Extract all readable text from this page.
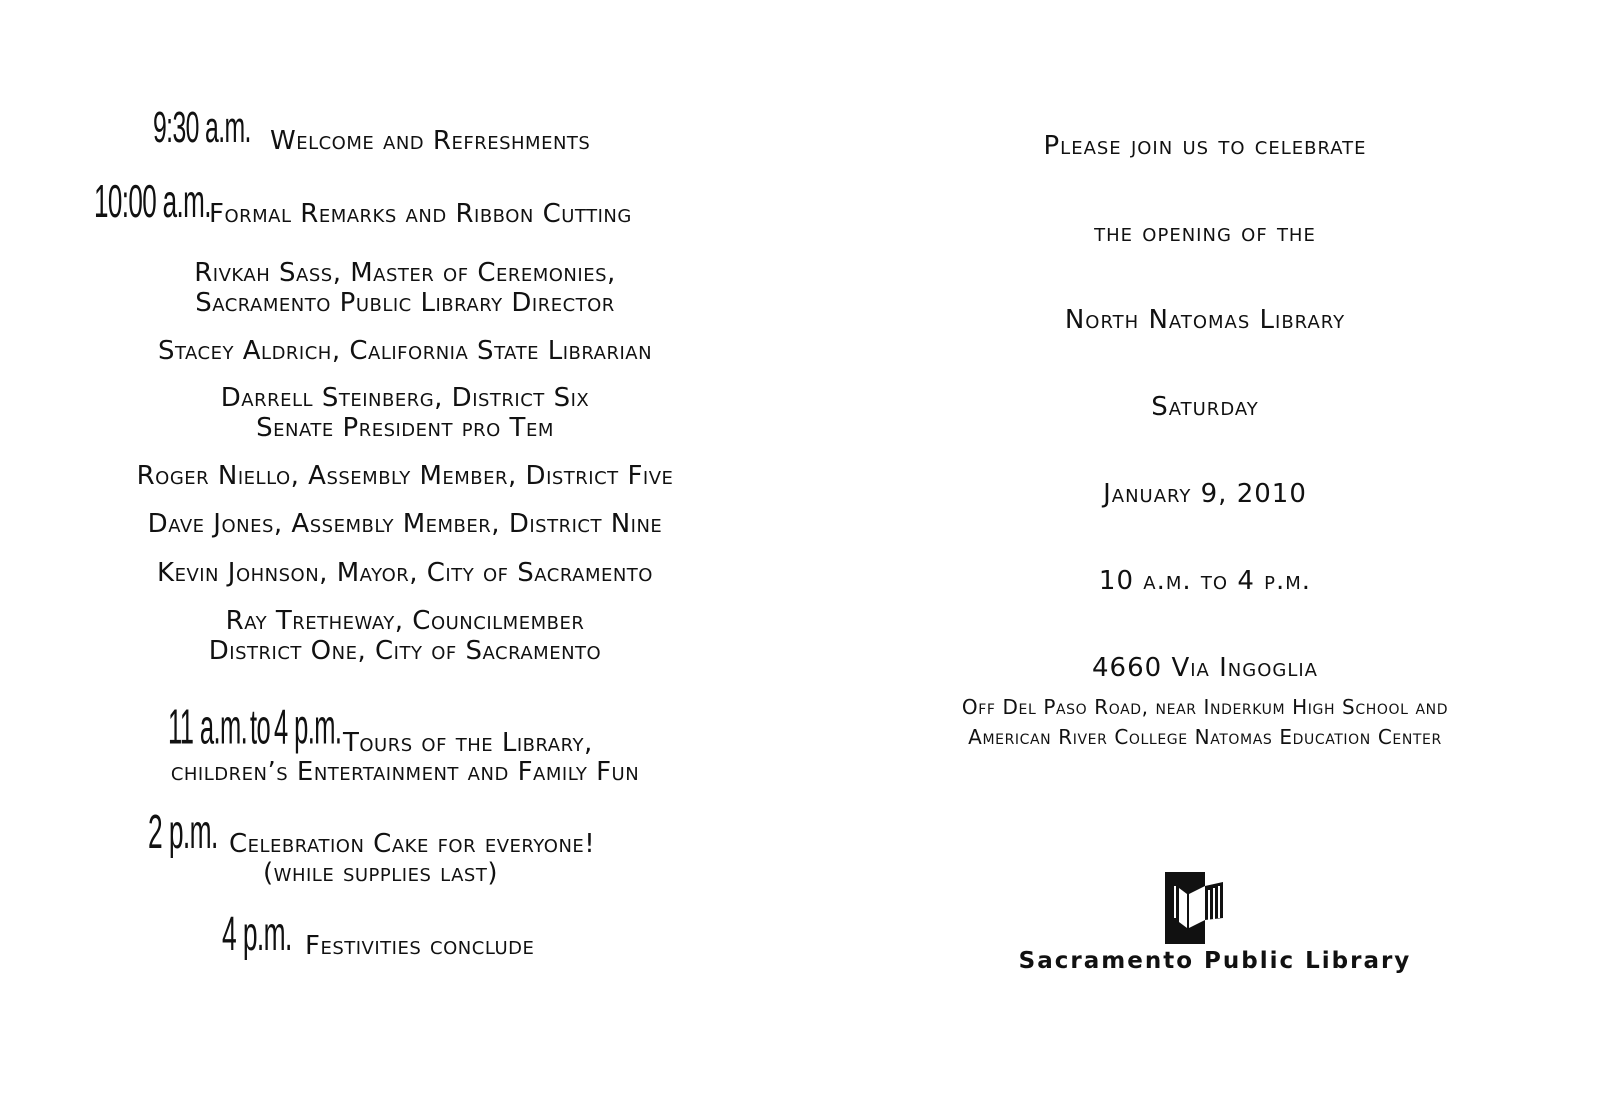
9:30 a.m. Welcome and Refreshments
10:00 a.m.
Formal Remarks and Ribbon Cutting
Rivkah Sass, Master of Ceremonies,
Sacramento Public Library Director
Stacey Aldrich, California State Librarian
Darrell Steinberg, District Six
Senate President pro Tem
Roger Niello, Assembly Member, District Five
Dave Jones, Assembly Member, District Nine
Kevin Johnson, Mayor, City of Sacramento
Ray Tretheway, Councilmember
District One, City of Sacramento
11 a.m. to 4 p.m. Tours of the Library,
children’s Entertainment and Family Fun
2 p.m. Celebration Cake for everyone!
(while supplies last)
4 p.m. Festivities conclude
Please join us to celebrate
the opening of the
North Natomas Library
Saturday
January 9, 2010
10 a.m. to 4 p.m.
4660 Via Ingoglia
Off Del Paso Road, near Inderkum High School and
American River College Natomas Education Center
Sacramento Public Library
